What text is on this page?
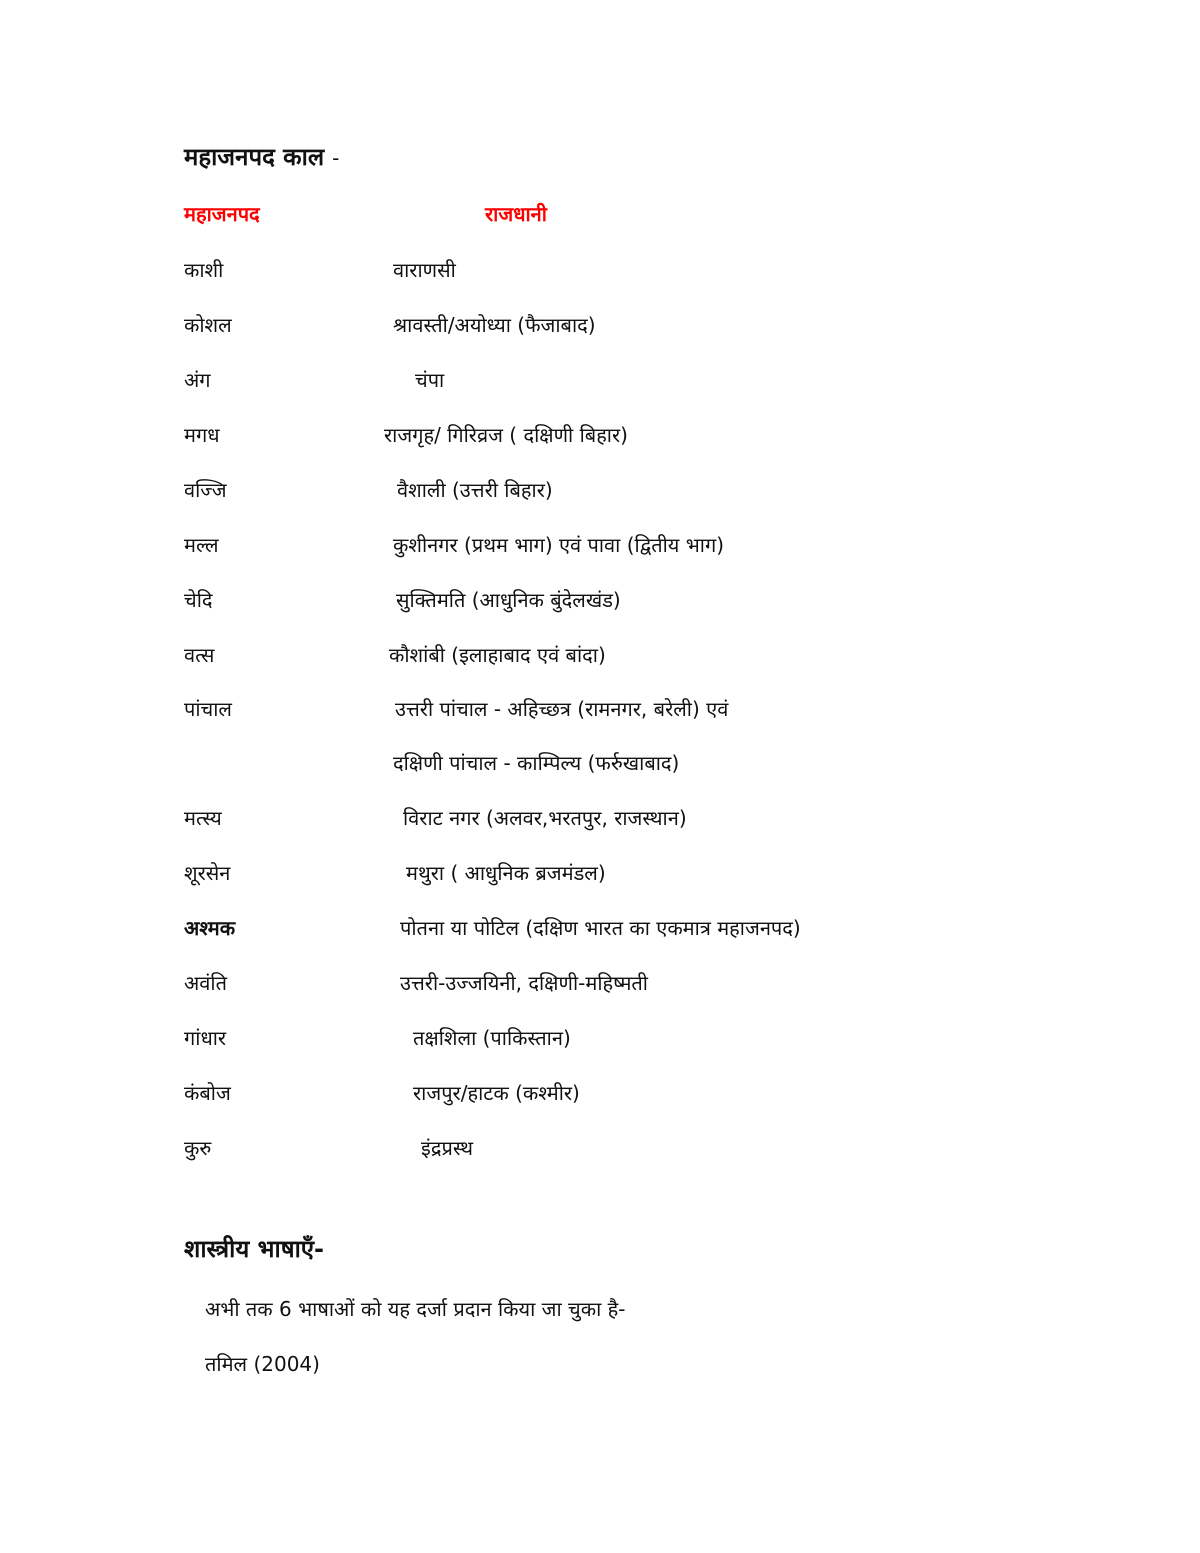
महाजनपद काल -
महाजनपद	राजधानी
काशी	वाराणसी
कोशल	श्रावस्ती/अयोध्या (फैजाबाद)
अंग	चंपा
मगध	राजगृह/ गिरिव्रज ( दक्षिणी बिहार)
वज्जि	वैशाली (उत्तरी बिहार)
मल्ल	कुशीनगर (प्रथम भाग) एवं पावा (द्वितीय भाग)
चेदि	सुक्तिमति (आधुनिक बुंदेलखंड)
वत्स	कौशांबी (इलाहाबाद एवं बांदा)
पांचाल	उत्तरी पांचाल - अहिच्छत्र (रामनगर, बरेली) एवं
दक्षिणी पांचाल - काम्पिल्य (फर्रुखाबाद)
मत्स्य	विराट नगर (अलवर,भरतपुर, राजस्थान)
शूरसेन	मथुरा ( आधुनिक ब्रजमंडल)
अश्मक	पोतना या पोटिल (दक्षिण भारत का एकमात्र महाजनपद)
अवंति	उत्तरी-उज्जयिनी, दक्षिणी-महिष्मती
गांधार	तक्षशिला (पाकिस्तान)
कंबोज	राजपुर/हाटक (कश्मीर)
कुरु	इंद्रप्रस्थ
शास्त्रीय भाषाएँ-
अभी तक 6 भाषाओं को यह दर्जा प्रदान किया जा चुका है-
तमिल (2004)
